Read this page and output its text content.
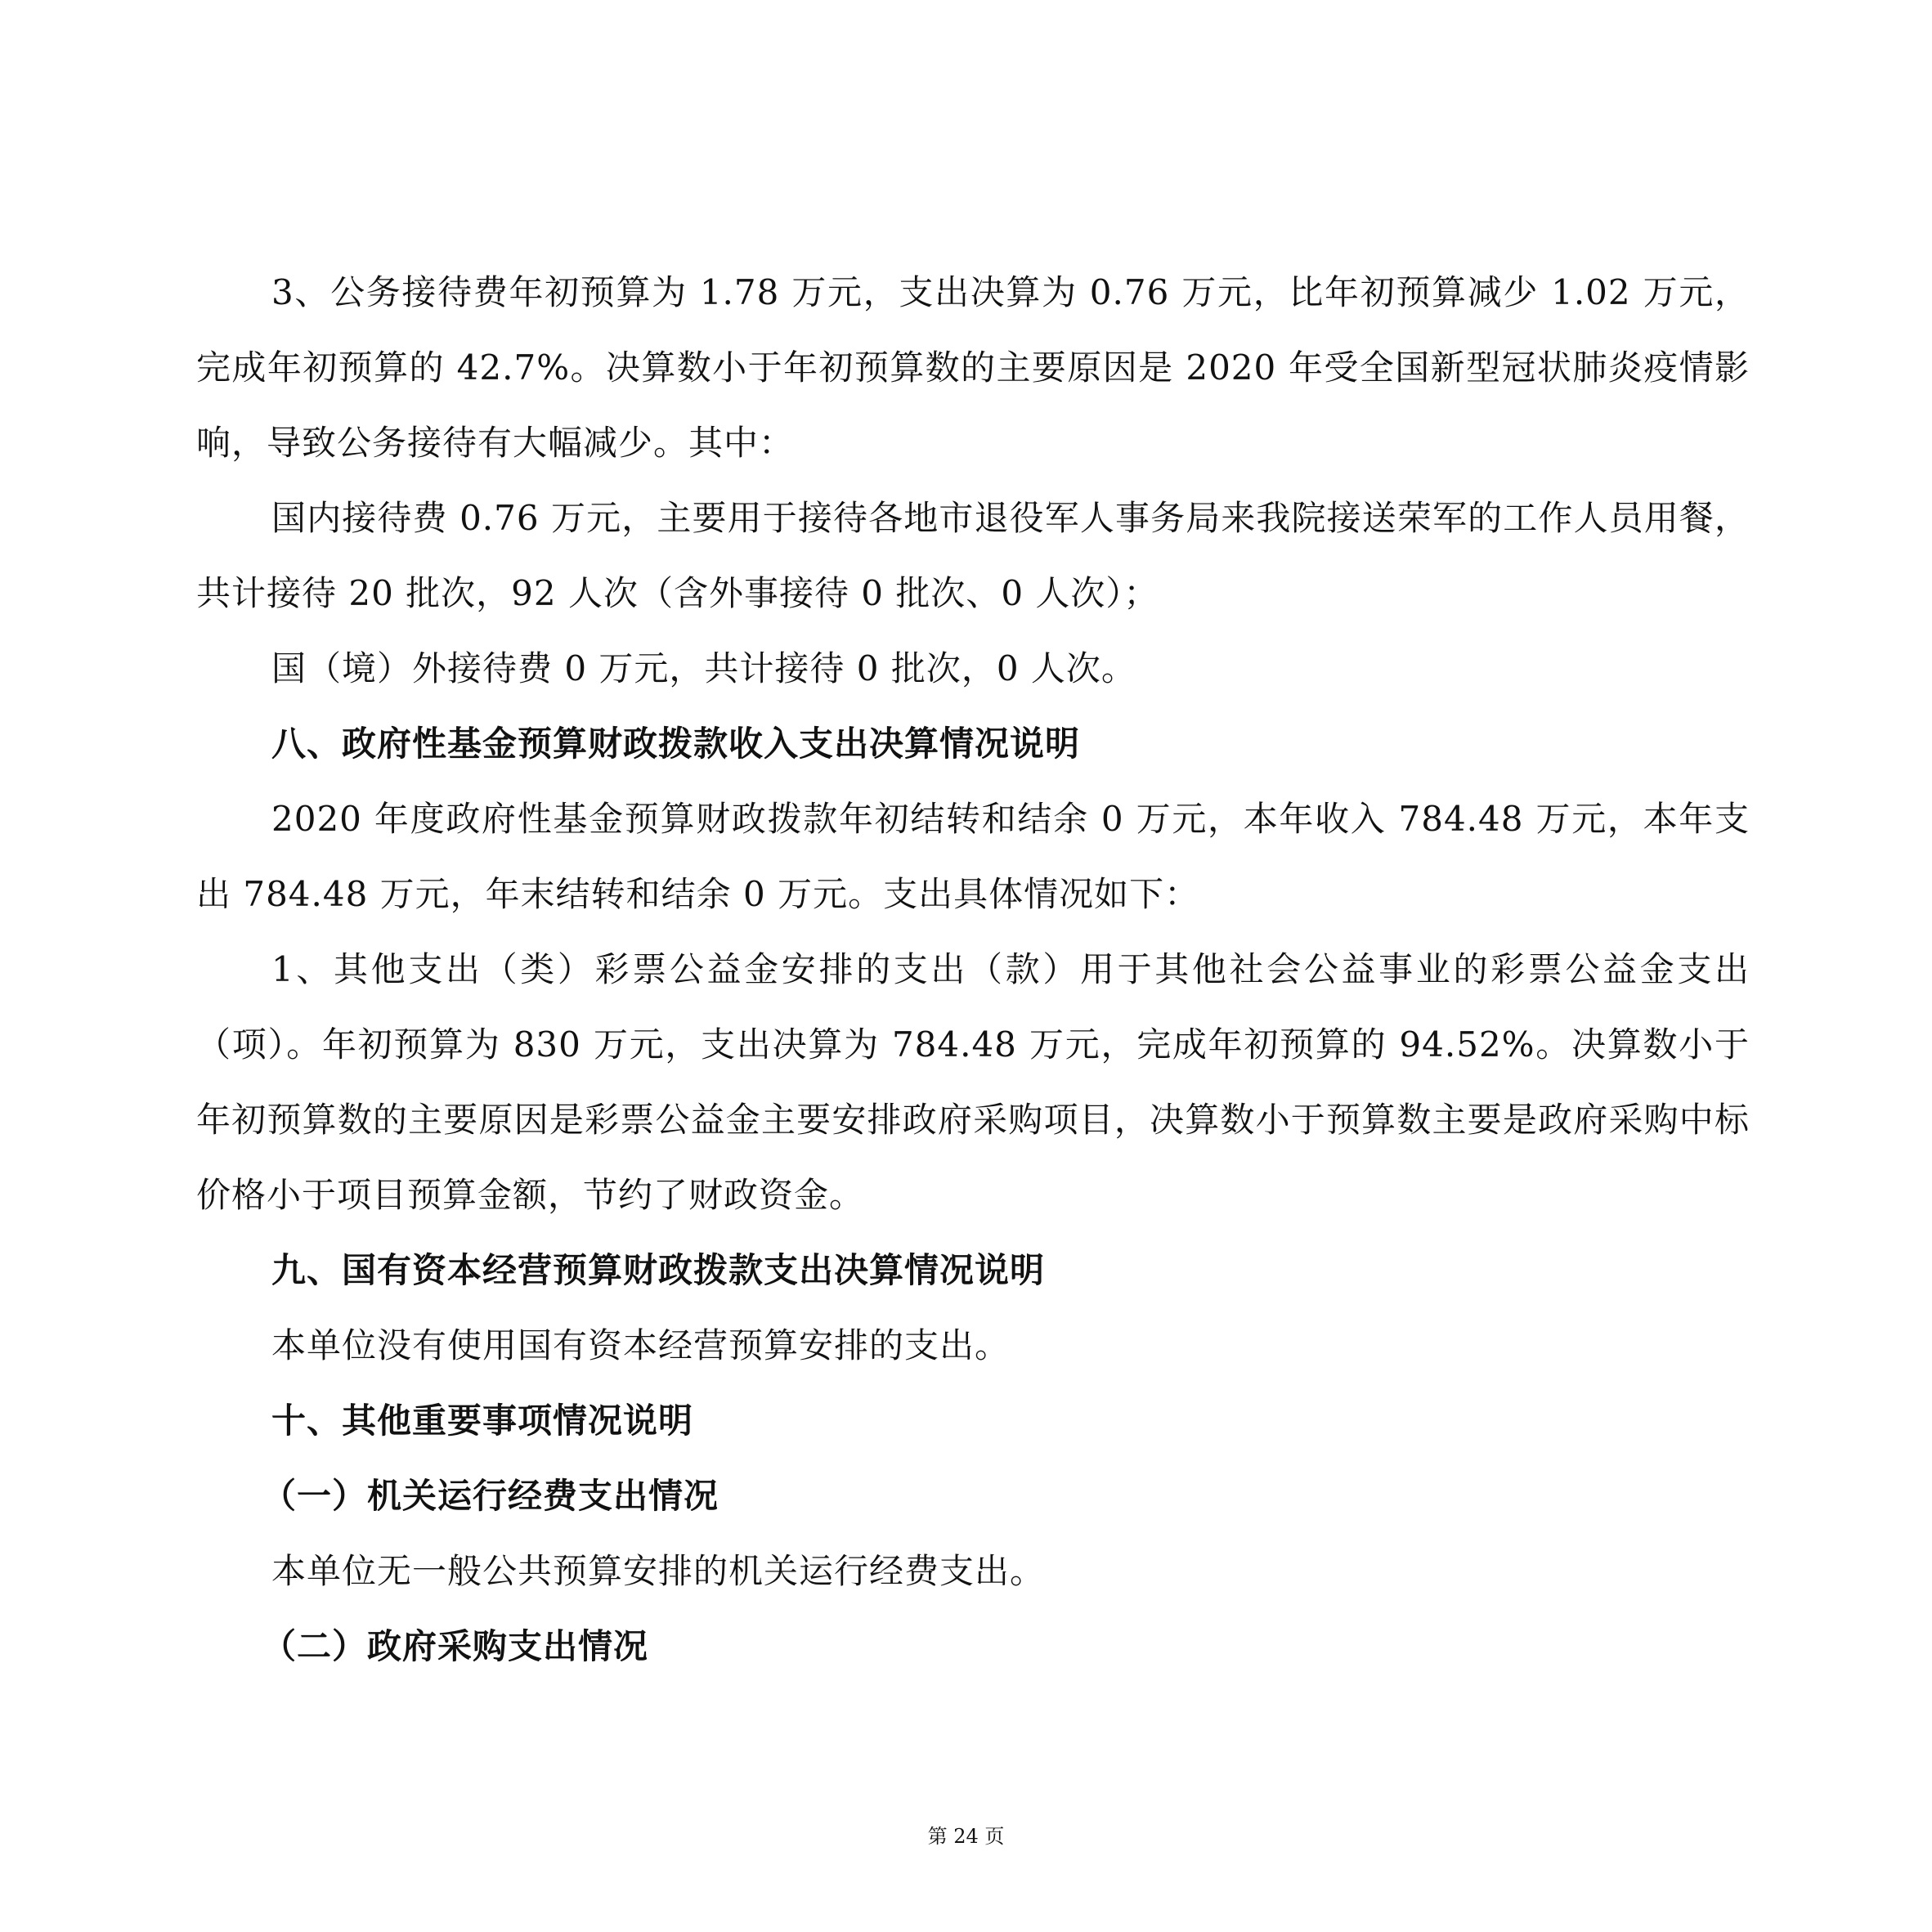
3、公务接待费年初预算为 1.78 万元，支出决算为 0.76 万元，比年初预算减少 1.02 万元，完成年初预算的 42.7%。决算数小于年初预算数的主要原因是 2020 年受全国新型冠状肺炎疫情影响，导致公务接待有大幅减少。其中：

国内接待费 0.76 万元，主要用于接待各地市退役军人事务局来我院接送荣军的工作人员用餐，共计接待 20 批次，92 人次（含外事接待 0 批次、0 人次）；

国（境）外接待费 0 万元，共计接待 0 批次，0 人次。

八、政府性基金预算财政拨款收入支出决算情况说明

2020 年度政府性基金预算财政拨款年初结转和结余 0 万元，本年收入 784.48 万元，本年支出 784.48 万元，年末结转和结余 0 万元。支出具体情况如下：

1、其他支出（类）彩票公益金安排的支出（款）用于其他社会公益事业的彩票公益金支出（项）。年初预算为 830 万元，支出决算为 784.48 万元，完成年初预算的 94.52%。决算数小于年初预算数的主要原因是彩票公益金主要安排政府采购项目，决算数小于预算数主要是政府采购中标价格小于项目预算金额，节约了财政资金。

九、国有资本经营预算财政拨款支出决算情况说明

本单位没有使用国有资本经营预算安排的支出。

十、其他重要事项情况说明

（一）机关运行经费支出情况

本单位无一般公共预算安排的机关运行经费支出。

（二）政府采购支出情况

第 24 页
